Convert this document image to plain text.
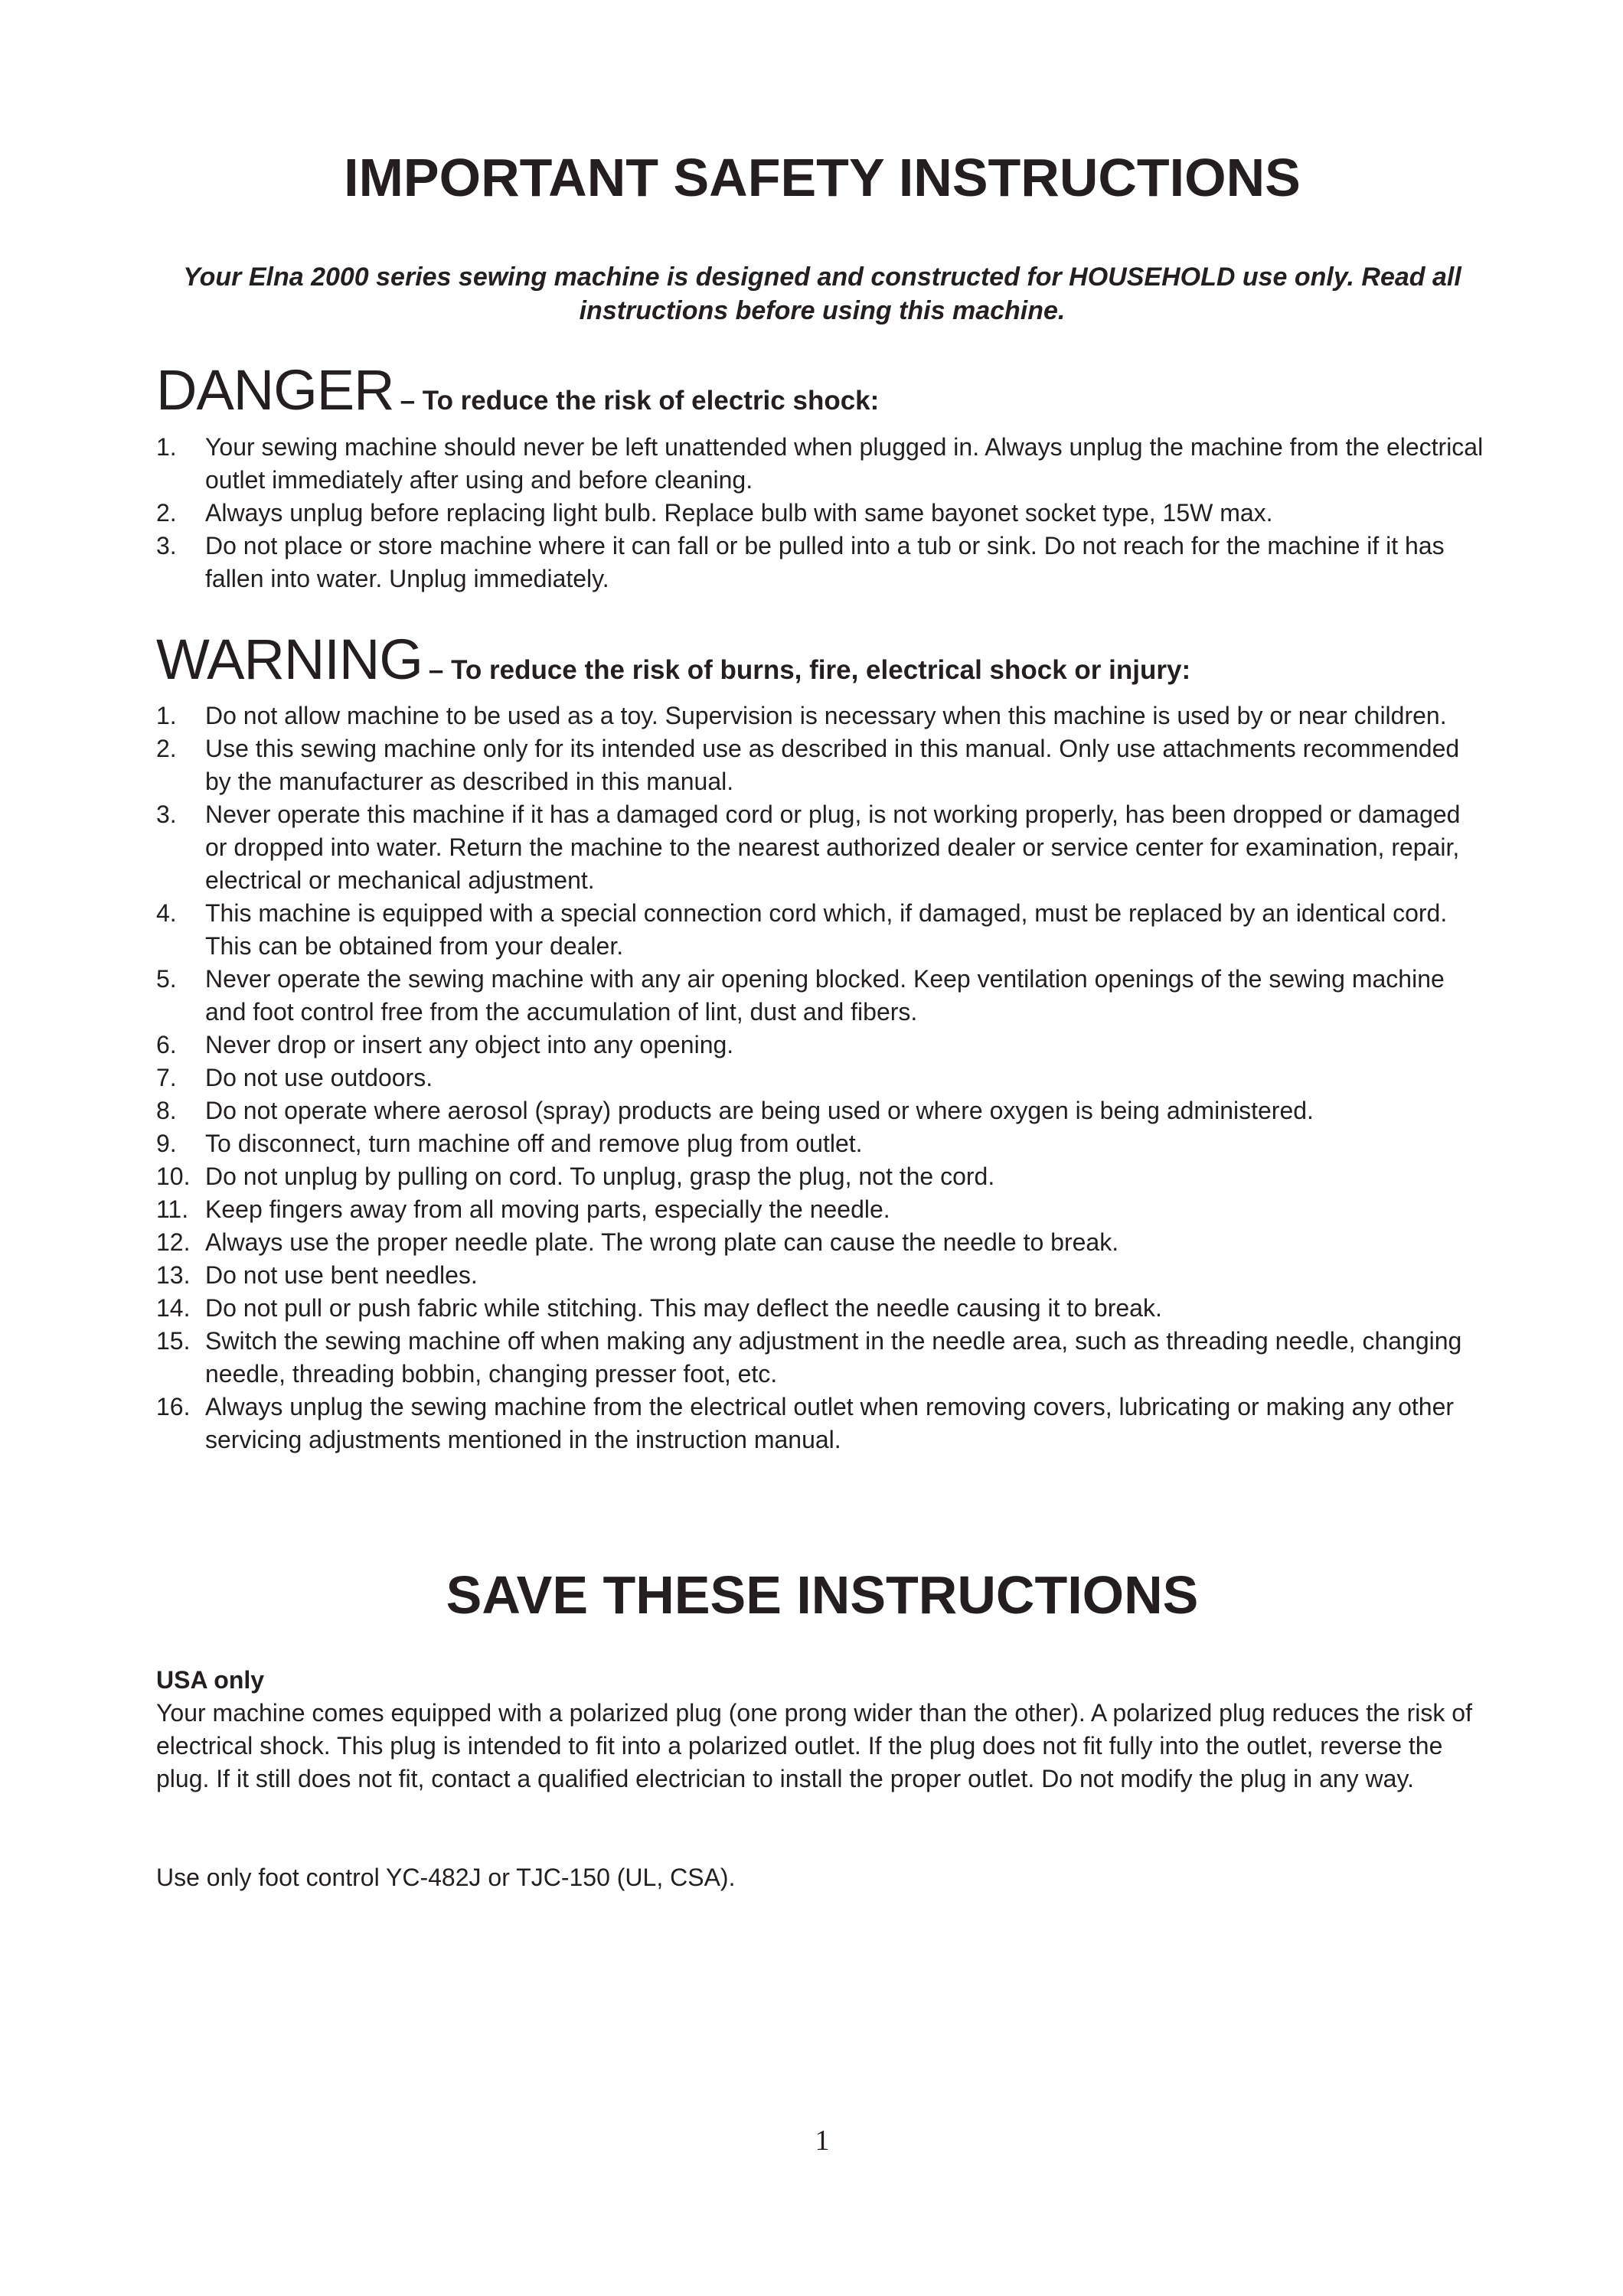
IMPORTANT SAFETY INSTRUCTIONS

Your Elna 2000 series sewing machine is designed and constructed for HOUSEHOLD use only. Read all instructions before using this machine.

DANGER – To reduce the risk of electric shock:
1. Your sewing machine should never be left unattended when plugged in. Always unplug the machine from the electrical outlet immediately after using and before cleaning.
2. Always unplug before replacing light bulb. Replace bulb with same bayonet socket type, 15W max.
3. Do not place or store machine where it can fall or be pulled into a tub or sink. Do not reach for the machine if it has fallen into water. Unplug immediately.
WARNING – To reduce the risk of burns, fire, electrical shock or injury:
1. Do not allow machine to be used as a toy. Supervision is necessary when this machine is used by or near children.
2. Use this sewing machine only for its intended use as described in this manual. Only use attachments recommended by the manufacturer as described in this manual.
3. Never operate this machine if it has a damaged cord or plug, is not working properly, has been dropped or damaged or dropped into water. Return the machine to the nearest authorized dealer or service center for examination, repair, electrical or mechanical adjustment.
4. This machine is equipped with a special connection cord which, if damaged, must be replaced by an identical cord. This can be obtained from your dealer.
5. Never operate the sewing machine with any air opening blocked. Keep ventilation openings of the sewing machine and foot control free from the accumulation of lint, dust and fibers.
6. Never drop or insert any object into any opening.
7. Do not use outdoors.
8. Do not operate where aerosol (spray) products are being used or where oxygen is being administered.
9. To disconnect, turn machine off and remove plug from outlet.
10. Do not unplug by pulling on cord. To unplug, grasp the plug, not the cord.
11. Keep fingers away from all moving parts, especially the needle.
12. Always use the proper needle plate. The wrong plate can cause the needle to break.
13. Do not use bent needles.
14. Do not pull or push fabric while stitching. This may deflect the needle causing it to break.
15. Switch the sewing machine off when making any adjustment in the needle area, such as threading needle, changing needle, threading bobbin, changing presser foot, etc.
16. Always unplug the sewing machine from the electrical outlet when removing covers, lubricating or making any other servicing adjustments mentioned in the instruction manual.
SAVE THESE INSTRUCTIONS

USA only

Your machine comes equipped with a polarized plug (one prong wider than the other). A polarized plug reduces the risk of electrical shock. This plug is intended to fit into a polarized outlet. If the plug does not fit fully into the outlet, reverse the plug. If it still does not fit, contact a qualified electrician to install the proper outlet. Do not modify the plug in any way.

Use only foot control YC-482J or TJC-150 (UL, CSA).

1
